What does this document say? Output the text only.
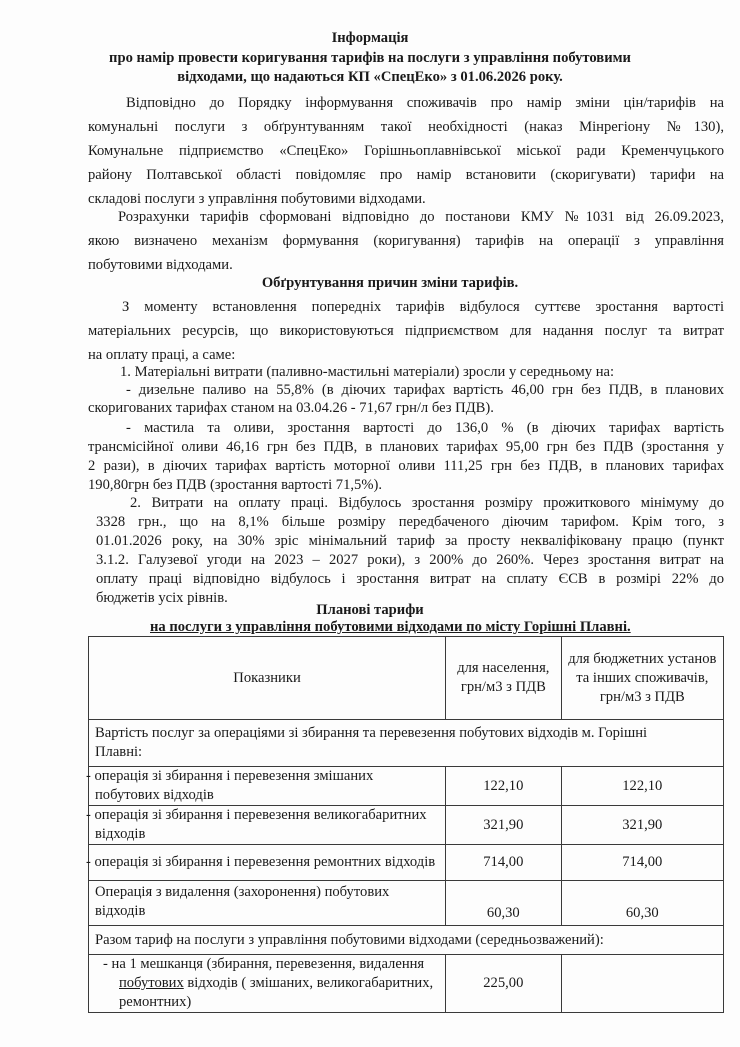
Інформація
про намір провести коригування тарифів на послуги з управління побутовими
відходами, що надаються КП «СпецЕко» з 01.06.2026 року.
Відповідно до Порядку інформування споживачів про намір зміни цін/тарифів на
комунальні послуги з обґрунтуванням такої необхідності (наказ Мінрегіону №130),
Комунальне підприємство «СпецЕко» Горішньоплавнівської міської ради Кременчуцького
району Полтавської області повідомляє про намір встановити (скоригувати) тарифи на
складові послуги з управління побутовими відходами.
Розрахунки тарифів сформовані відповідно до постанови КМУ №1031 від 26.09.2023,
якою визначено механізм формування (коригування) тарифів на операції з управління
побутовими відходами.
Обґрунтування причин зміни тарифів.
З моменту встановлення попередніх тарифів відбулося суттєве зростання вартості
матеріальних ресурсів, що використовуються підприємством для надання послуг та витрат
на оплату праці, а саме:
1. Матеріальні витрати (паливно-мастильні матеріали) зросли у середньому на:
- дизельне паливо на 55,8% (в діючих тарифах вартість 46,00 грн без ПДВ, в планових
скоригованих тарифах станом на 03.04.26 - 71,67 грн/л без ПДВ).
- мастила та оливи, зростання вартості до 136,0 % (в діючих тарифах вартість
трансмісійної оливи 46,16 грн без ПДВ, в планових тарифах 95,00 грн без ПДВ (зростання у
2 рази), в діючих тарифах вартість моторної оливи 111,25 грн без ПДВ, в планових тарифах
190,80грн без ПДВ (зростання вартості 71,5%).
2. Витрати на оплату праці. Відбулось зростання розміру прожиткового мінімуму до
3328 грн., що на 8,1% більше розміру передбаченого діючим тарифом. Крім того, з
01.01.2026 року, на 30% зріс мінімальний тариф за просту некваліфіковану працю (пункт
3.1.2. Галузевої угоди на 2023 – 2027 роки), з 200% до 260%. Через зростання витрат на
оплату праці відповідно відбулось і зростання витрат на сплату ЄСВ в розмірі 22% до
бюджетів усіх рівнів.
Планові тарифи
на послуги з управління побутовими відходами по місту Горішні Плавні.
Показники	для населення, грн/м3 з ПДВ	для бюджетних установ та інших споживачів, грн/м3 з ПДВ
Вартість послуг за операціями зі збирання та перевезення побутових відходів м. Горішні Плавні:		
- операція зі збирання і перевезення змішаних побутових відходів	122,10	122,10
- операція зі збирання і перевезення великогабаритних відходів	321,90	321,90
- операція зі збирання і перевезення ремонтних відходів	714,00	714,00
Операція з видалення (захоронення) побутових відходів	60,30	60,30
Разом тариф на послуги з управління побутовими відходами (середньозважений):		
- на 1 мешканця (збирання, перевезення, видалення побутових відходів ( змішаних, великогабаритних, ремонтних)	225,00	
